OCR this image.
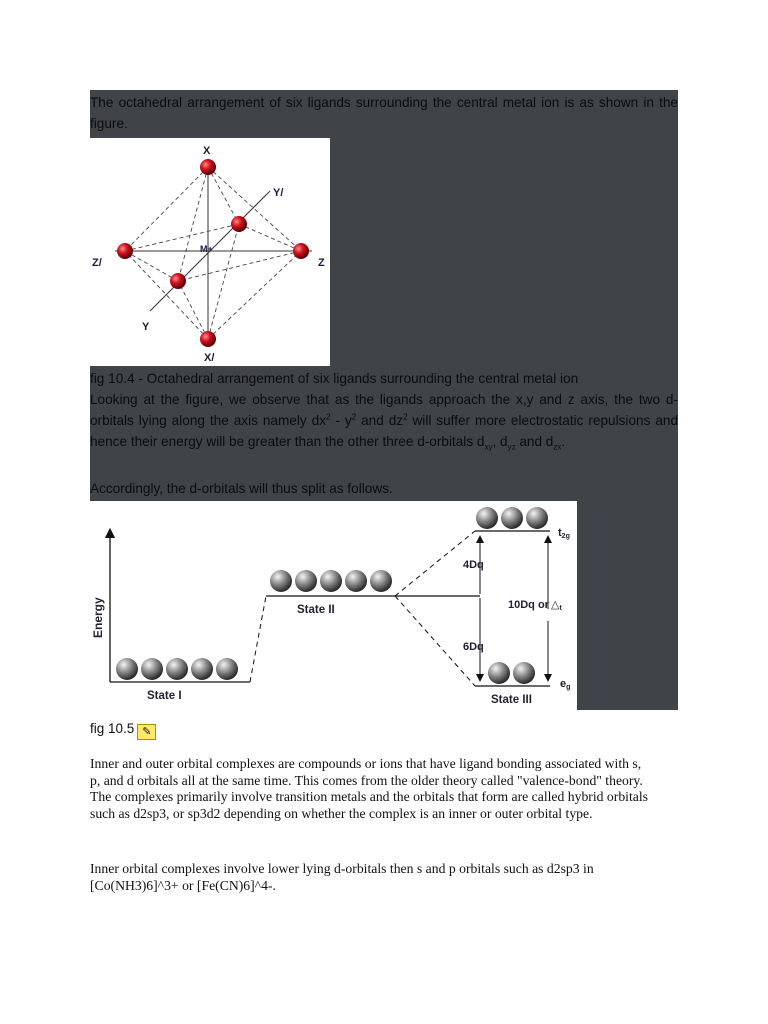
The octahedral arrangement of six ligands surrounding the central metal ion is as shown in the figure.

X
X/
Y
Y/
Z
Z/
M+

fig 10.4 - Octahedral arrangement of six ligands surrounding the central metal ion

Looking at the figure, we observe that as the ligands approach the x,y and z axis, the two d-orbitals lying along the axis namely $dx^2 - y^2$ and $dz^2$ will suffer more electrostatic repulsions and hence their energy will be greater than the other three d-orbitals $d_{xy}$, $d_{yz}$ and $d_{zx}$.

Accordingly, the d-orbitals will thus split as follows.

Energy
State I
State II
t2g
eg
State III
4Dq
6Dq
10Dq or △t
fig 10.5 ✎

Inner and outer orbital complexes are compounds or ions that have ligand bonding associated with s, p, and d orbitals all at the same time. This comes from the older theory called "valence-bond" theory. The complexes primarily involve transition metals and the orbitals that form are called hybrid orbitals such as d2sp3, or sp3d2 depending on whether the complex is an inner or outer orbital type.

Inner orbital complexes involve lower lying d-orbitals then s and p orbitals such as d2sp3 in [Co(NH3)6]^3+ or [Fe(CN)6]^4-.
